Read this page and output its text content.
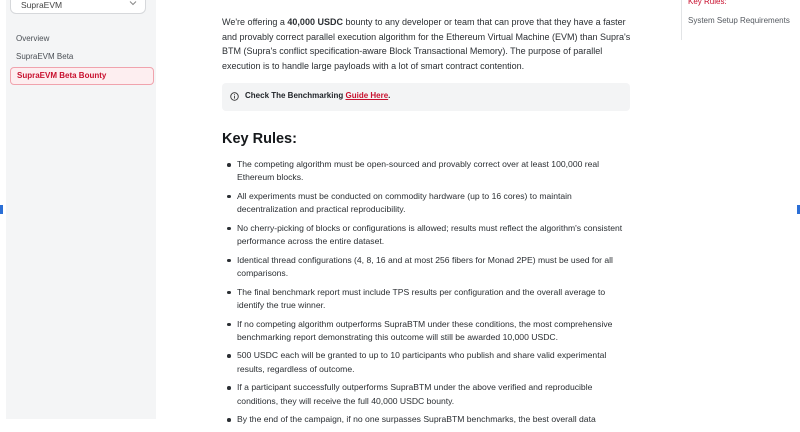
SupraEVM
Overview
SupraEVM Beta
SupraEVM Beta Bounty
Key Rules:
System Setup Requirements

We're offering a 40,000 USDC bounty to any developer or team that can prove that they have a faster and provably correct parallel execution algorithm for the Ethereum Virtual Machine (EVM) than Supra's BTM (Supra's conflict specification-aware Block Transactional Memory). The purpose of parallel execution is to handle large payloads with a lot of smart contract contention.

Check The Benchmarking Guide Here.
Key Rules:
The competing algorithm must be open-sourced and provably correct over at least 100,000 real Ethereum blocks.
All experiments must be conducted on commodity hardware (up to 16 cores) to maintain decentralization and practical reproducibility.
No cherry-picking of blocks or configurations is allowed; results must reflect the algorithm's consistent performance across the entire dataset.
Identical thread configurations (4, 8, 16 and at most 256 fibers for Monad 2PE) must be used for all comparisons.
The final benchmark report must include TPS results per configuration and the overall average to identify the true winner.
If no competing algorithm outperforms SupraBTM under these conditions, the most comprehensive benchmarking report demonstrating this outcome will still be awarded 10,000 USDC.
500 USDC each will be granted to up to 10 participants who publish and share valid experimental results, regardless of outcome.
If a participant successfully outperforms SupraBTM under the above verified and reproducible conditions, they will receive the full 40,000 USDC bounty.
By the end of the campaign, if no one surpasses SupraBTM benchmarks, the best overall data
